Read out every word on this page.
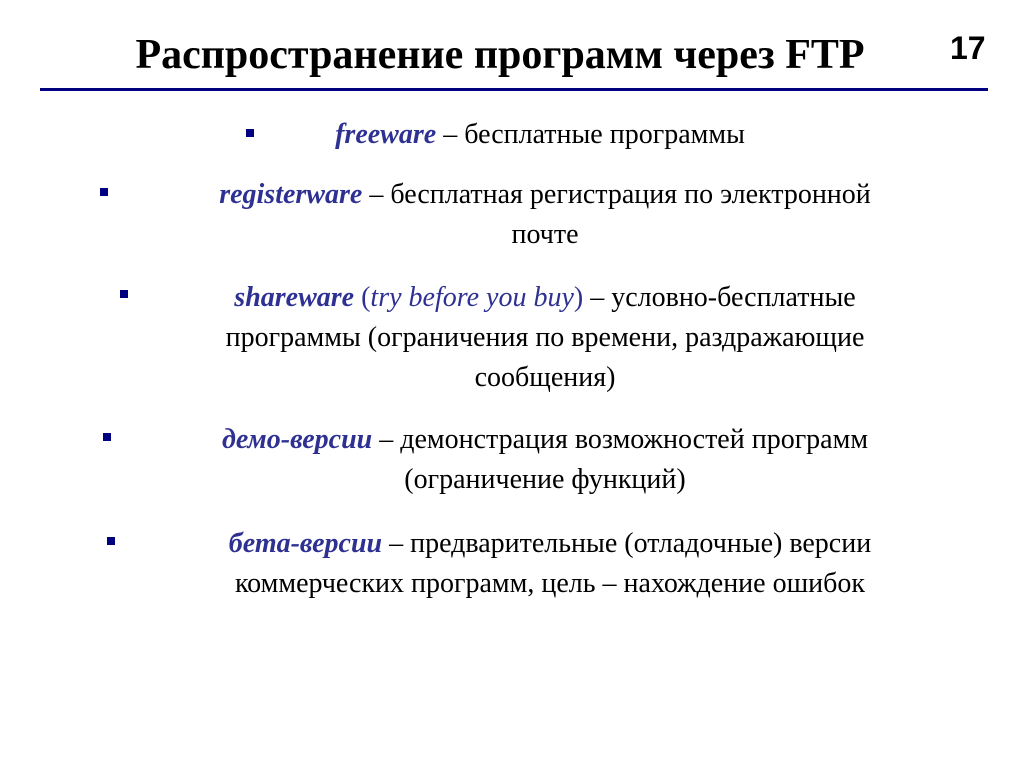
Распространение программ через FTP	17
freeware – бесплатные программы
registerware – бесплатная регистрация по электронной
почте
shareware (try before you buy) – условно-бесплатные
программы (ограничения по времени, раздражающие
сообщения)
демо-версии – демонстрация возможностей программ
(ограничение функций)
бета-версии – предварительные (отладочные) версии
коммерческих программ, цель – нахождение ошибок
